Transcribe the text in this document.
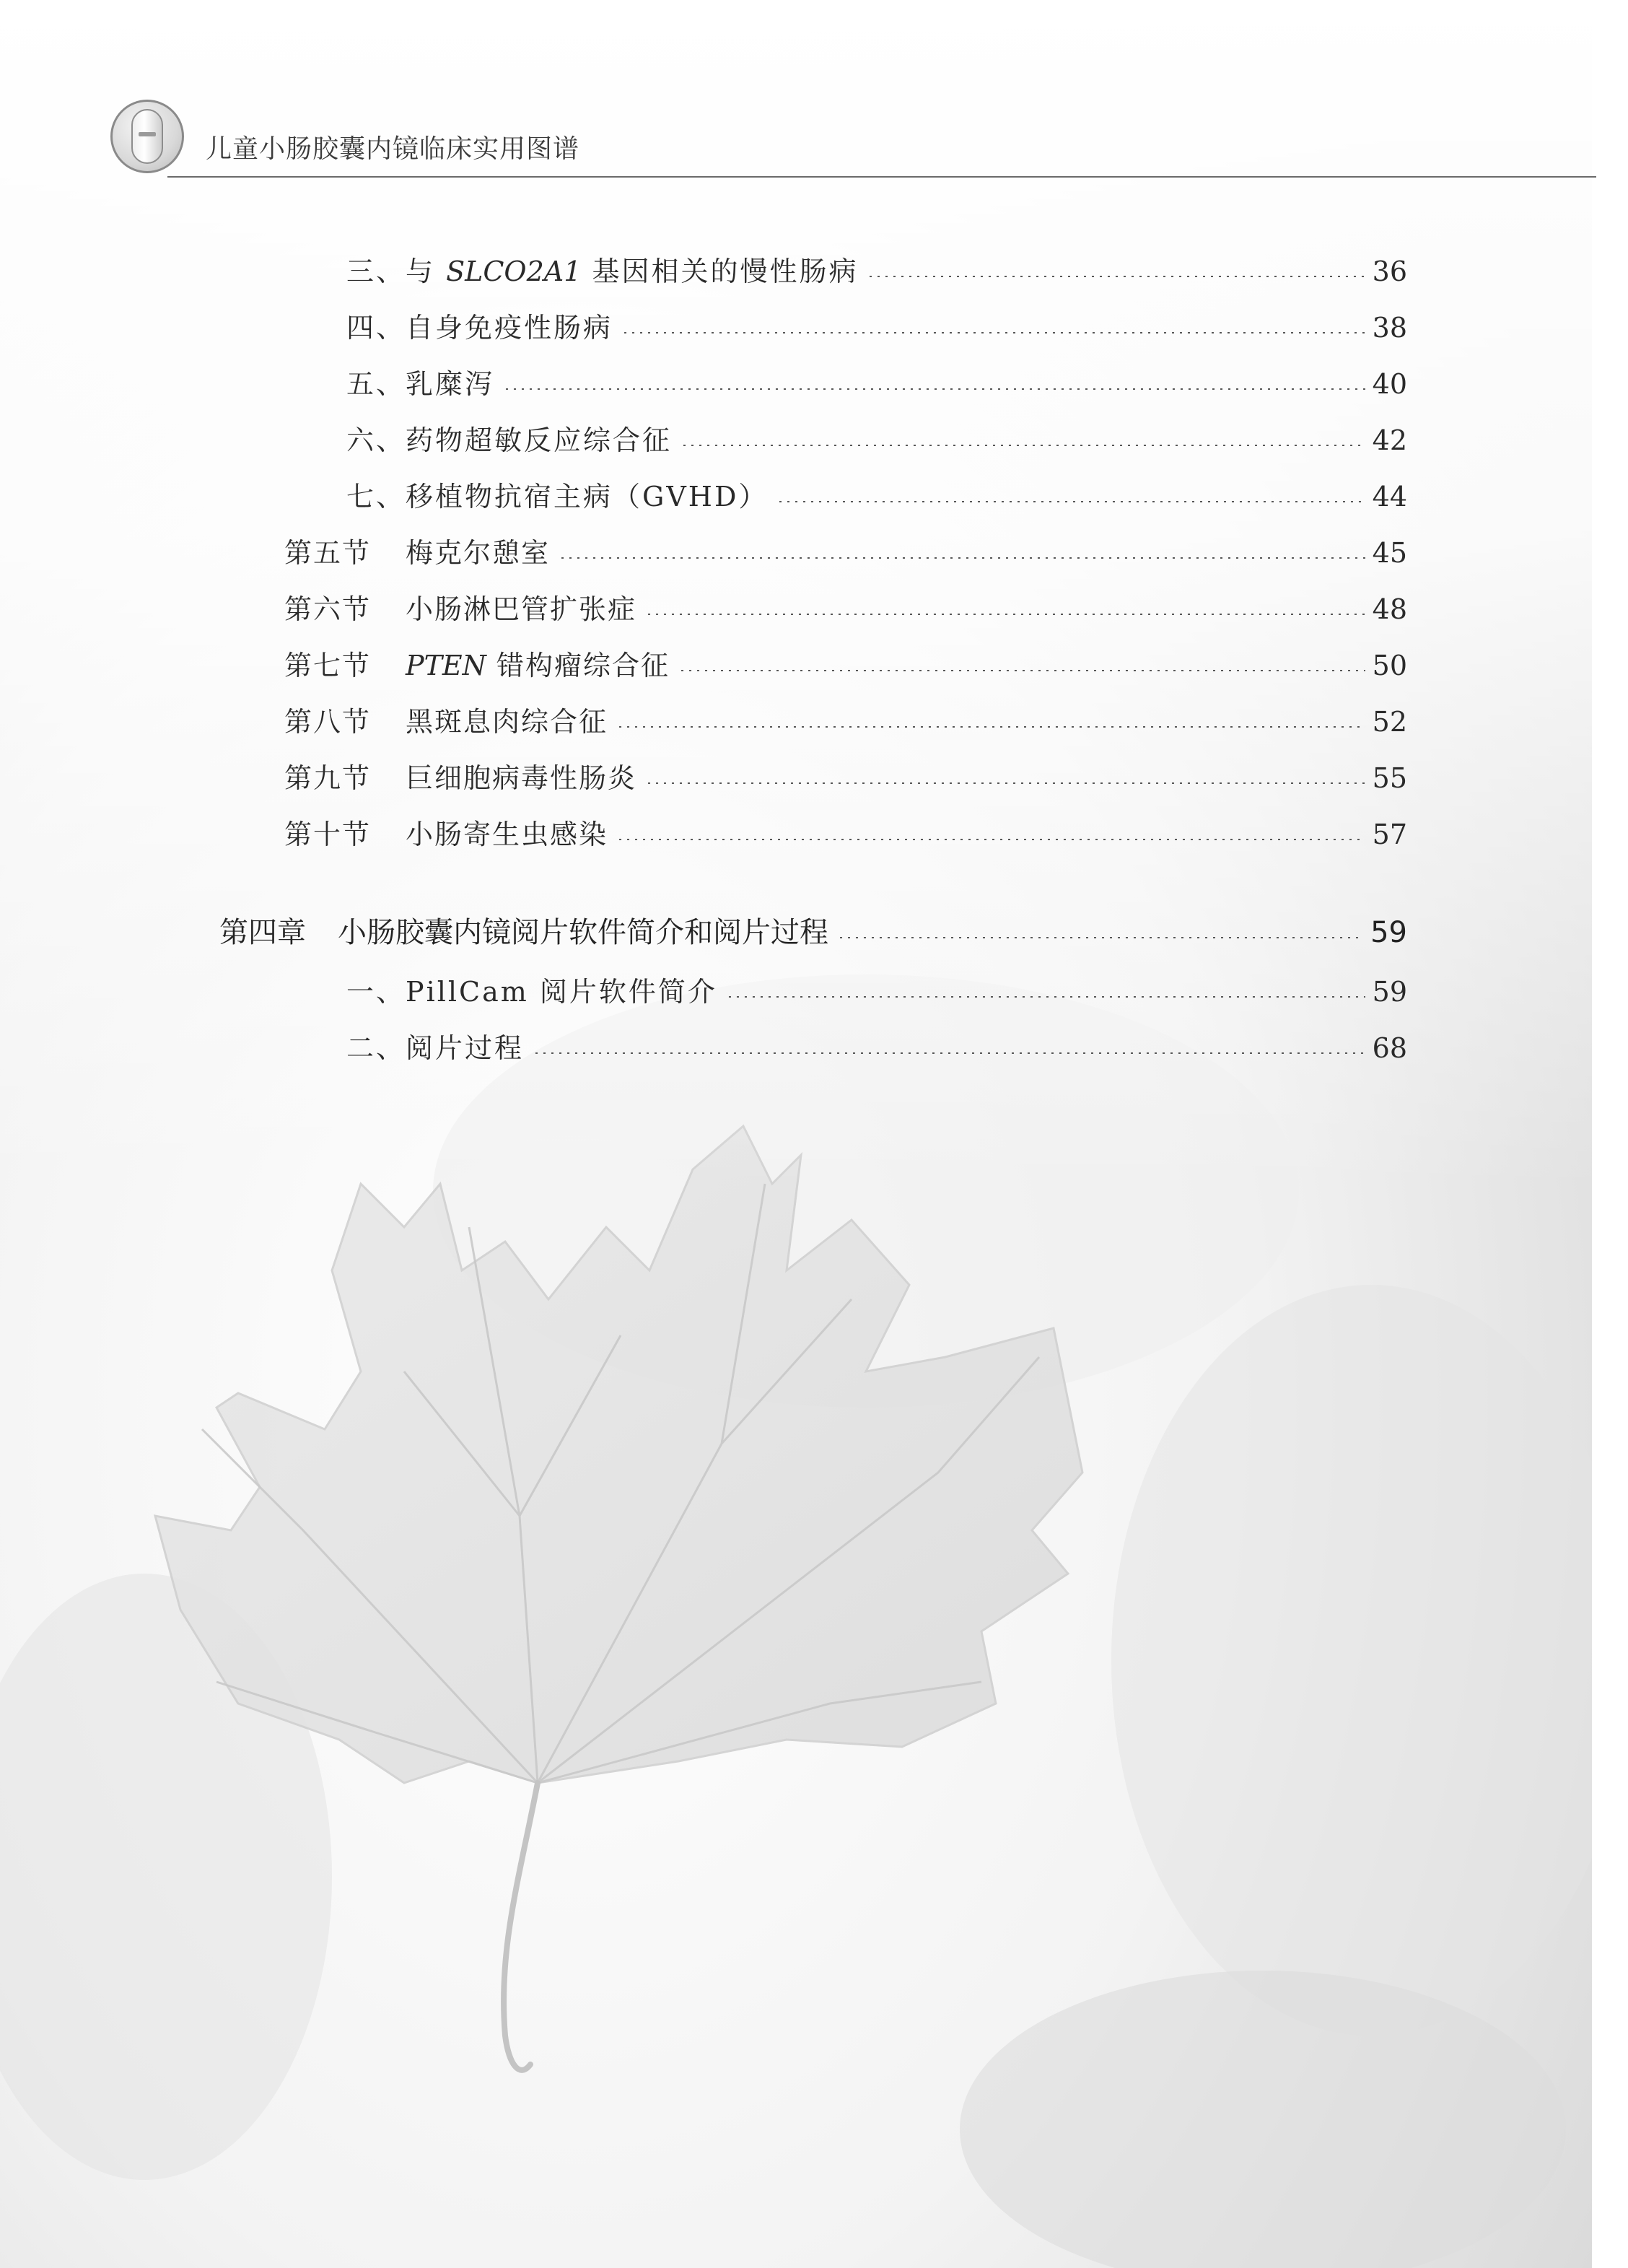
儿童小肠胶囊内镜临床实用图谱
三、与 SLCO2A1 基因相关的慢性肠病	36
四、自身免疫性肠病	38
五、乳糜泻	40
六、药物超敏反应综合征	42
七、移植物抗宿主病（GVHD）	44
第五节 梅克尔憩室	45
第六节 小肠淋巴管扩张症	48
第七节 PTEN 错构瘤综合征	50
第八节 黑斑息肉综合征	52
第九节 巨细胞病毒性肠炎	55
第十节 小肠寄生虫感染	57
第四章 小肠胶囊内镜阅片软件简介和阅片过程	59
一、PillCam 阅片软件简介	59
二、阅片过程	68
